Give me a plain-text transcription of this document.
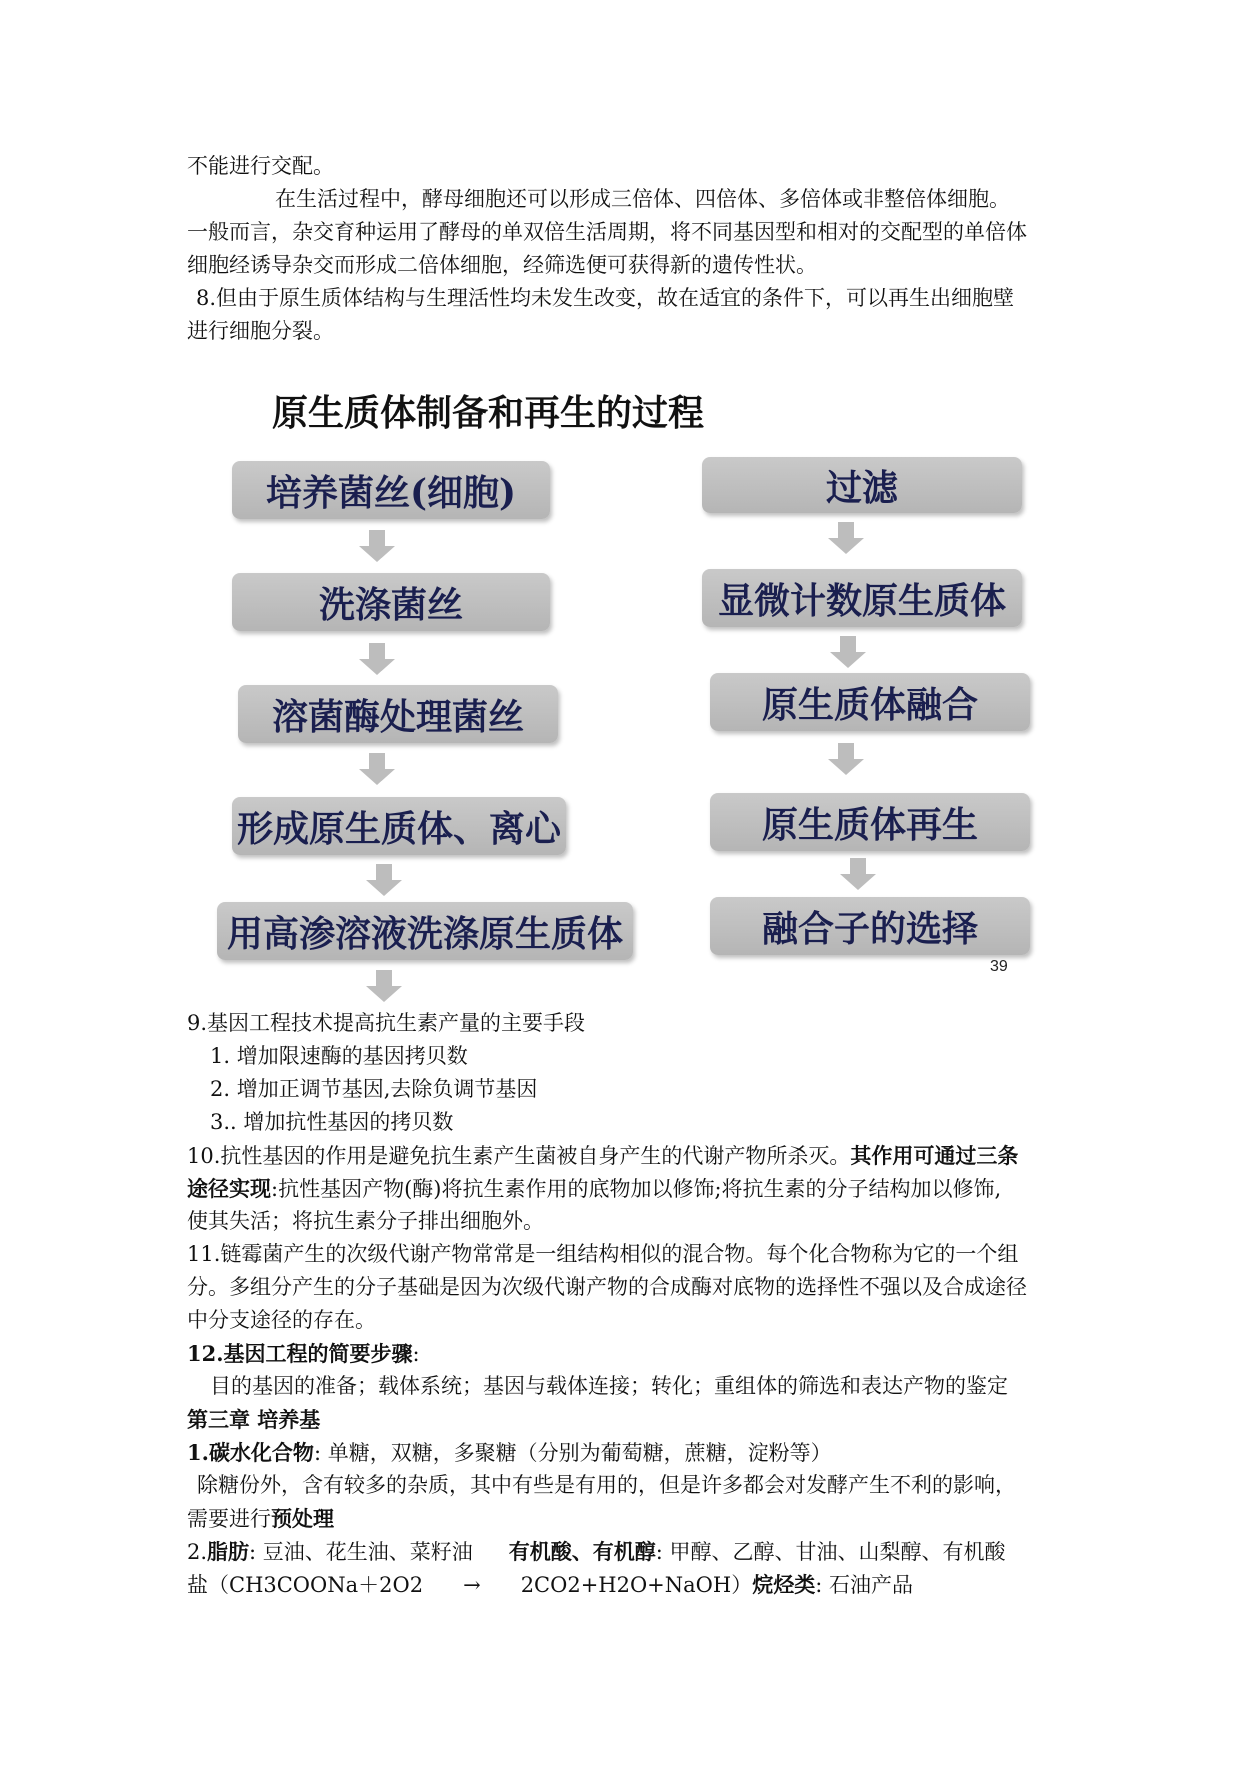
不能进行交配。
在生活过程中，酵母细胞还可以形成三倍体、四倍体、多倍体或非整倍体细胞。
一般而言，杂交育种运用了酵母的单双倍生活周期，将不同基因型和相对的交配型的单倍体
细胞经诱导杂交而形成二倍体细胞，经筛选便可获得新的遗传性状。
8.但由于原生质体结构与生理活性均未发生改变，故在适宜的条件下，可以再生出细胞壁
进行细胞分裂。
原生质体制备和再生的过程
培养菌丝(细胞)
洗涤菌丝
溶菌酶处理菌丝
形成原生质体、离心
用高渗溶液洗涤原生质体
过滤
显微计数原生质体
原生质体融合
原生质体再生
融合子的选择
39
9.基因工程技术提高抗生素产量的主要手段
1. 增加限速酶的基因拷贝数
2. 增加正调节基因,去除负调节基因
3.. 增加抗性基因的拷贝数
10.抗性基因的作用是避免抗生素产生菌被自身产生的代谢产物所杀灭。其作用可通过三条
途径实现:抗性基因产物(酶)将抗生素作用的底物加以修饰;将抗生素的分子结构加以修饰,
使其失活；将抗生素分子排出细胞外。
11.链霉菌产生的次级代谢产物常常是一组结构相似的混合物。每个化合物称为它的一个组
分。多组分产生的分子基础是因为次级代谢产物的合成酶对底物的选择性不强以及合成途径
中分支途径的存在。
12.基因工程的简要步骤:
目的基因的准备；载体系统；基因与载体连接；转化；重组体的筛选和表达产物的鉴定
第三章 培养基
1.碳水化合物: 单糖，双糖，多聚糖（分别为葡萄糖，蔗糖，淀粉等）
除糖份外，含有较多的杂质，其中有些是有用的，但是许多都会对发酵产生不利的影响，
需要进行预处理
2.脂肪: 豆油、花生油、菜籽油 有机酸、有机醇: 甲醇、乙醇、甘油、山梨醇、有机酸
盐（CH3COONa＋2O2 → 2CO2+H2O+NaOH）烷烃类: 石油产品
